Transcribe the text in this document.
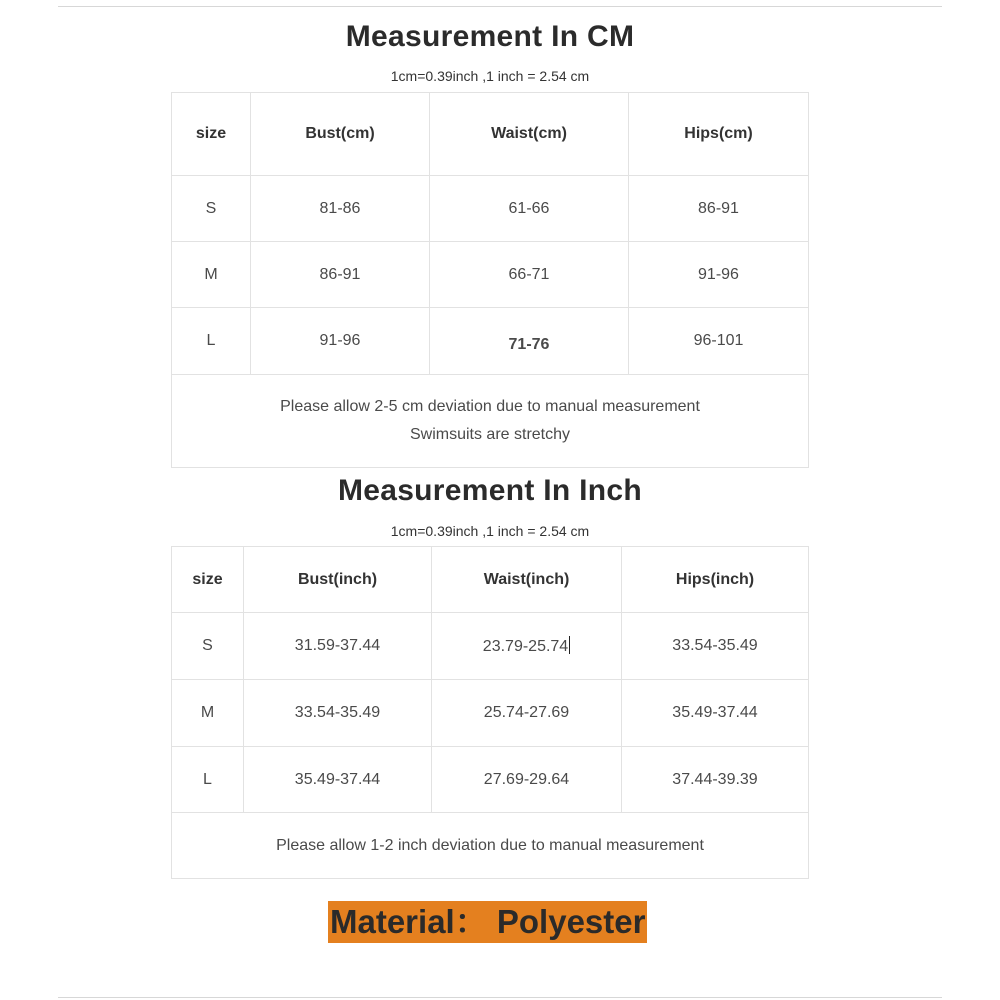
Measurement In CM
1cm=0.39inch ,1 inch = 2.54 cm
size	Bust(cm)	Waist(cm)	Hips(cm)
S	81-86	61-66	86-91
M	86-91	66-71	91-96
L	91-96	71-76	96-101

Please allow 2-5 cm deviation due to manual measurement
Swimsuits are stretchy			
Measurement In Inch
1cm=0.39inch ,1 inch = 2.54 cm
size	Bust(inch)	Waist(inch)	Hips(inch)
S	31.59-37.44	23.79-25.74	33.54-35.49
M	33.54-35.49	25.74-27.69	35.49-37.44
L	35.49-37.44	27.69-29.64	37.44-39.39
Please allow 1-2 inch deviation due to manual measurement			
Material： Polyester
